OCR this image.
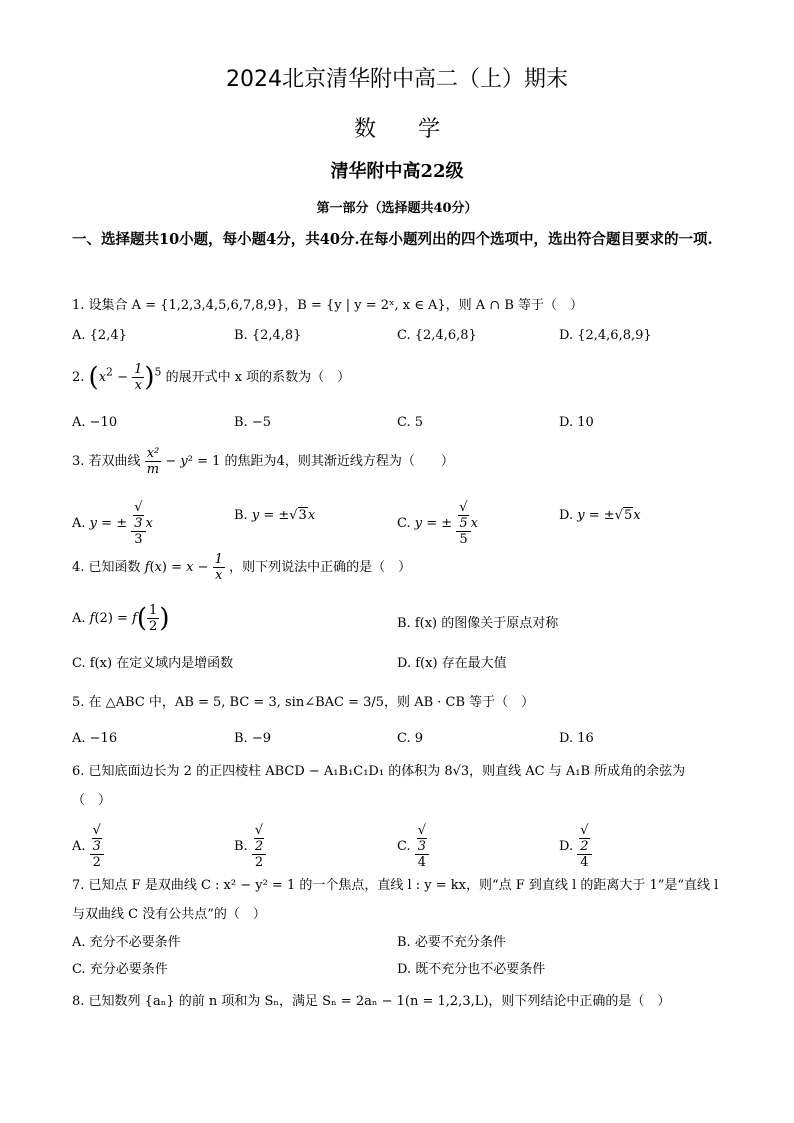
2024北京清华附中高二（上）期末
数学
清华附中高22级
第一部分（选择题共40分）
一、选择题共10小题，每小题4分，共40分.在每小题列出的四个选项中，选出符合题目要求的一项.
1. 设集合 A = {1,2,3,4,5,6,7,8,9}，B = {y | y = 2ˣ, x ∈ A}，则 A ∩ B 等于（　）
A. {2,4}	B. {2,4,8}	C. {2,4,6,8}	D. {2,4,6,8,9}
2. $(x^2 - \frac{1}{x} )^5$ 的展开式中 x 项的系数为（　）
A. −10	B. −5	C. 5	D. 10
3. 若双曲线 $\frac{\text{x²}}{m} - y^2 = 1$ 的焦距为4，则其渐近线方程为（　　）
A. y = ± √
3
3 x
B. y = ±√3x
C. y = ± √
5
5 x
D. y = ±√5x
4. 已知函数 $f(x) = x - \frac{1}{x}$ ，则下列说法中正确的是（　）
A. $f(2) = f( \frac{1}{2}$ )	B. f(x) 的图像关于原点对称
C. f(x) 在定义域内是增函数	D. f(x) 存在最大值
5. 在 △ABC 中，AB = 5, BC = 3, sin∠BAC = 3/5，则 AB · CB 等于（　）
A. −16	B. −9	C. 9	D. 16
6. 已知底面边长为 2 的正四棱柱 ABCD − A₁B₁C₁D₁ 的体积为 8√3，则直线 AC 与 A₁B 所成角的余弦为
（　）
A. √
3
2	B. √
2
2	C. √
3
4	D. √
2
4
7. 已知点 F 是双曲线 C : x² − y² = 1 的一个焦点，直线 l : y = kx，则“点 F 到直线 l 的距离大于 1”是“直线 l
与双曲线 C 没有公共点”的（　）
A. 充分不必要条件	B. 必要不充分条件
C. 充分必要条件	D. 既不充分也不必要条件
8. 已知数列 {aₙ} 的前 n 项和为 Sₙ，满足 Sₙ = 2aₙ − 1(n = 1,2,3,L)，则下列结论中正确的是（　）
